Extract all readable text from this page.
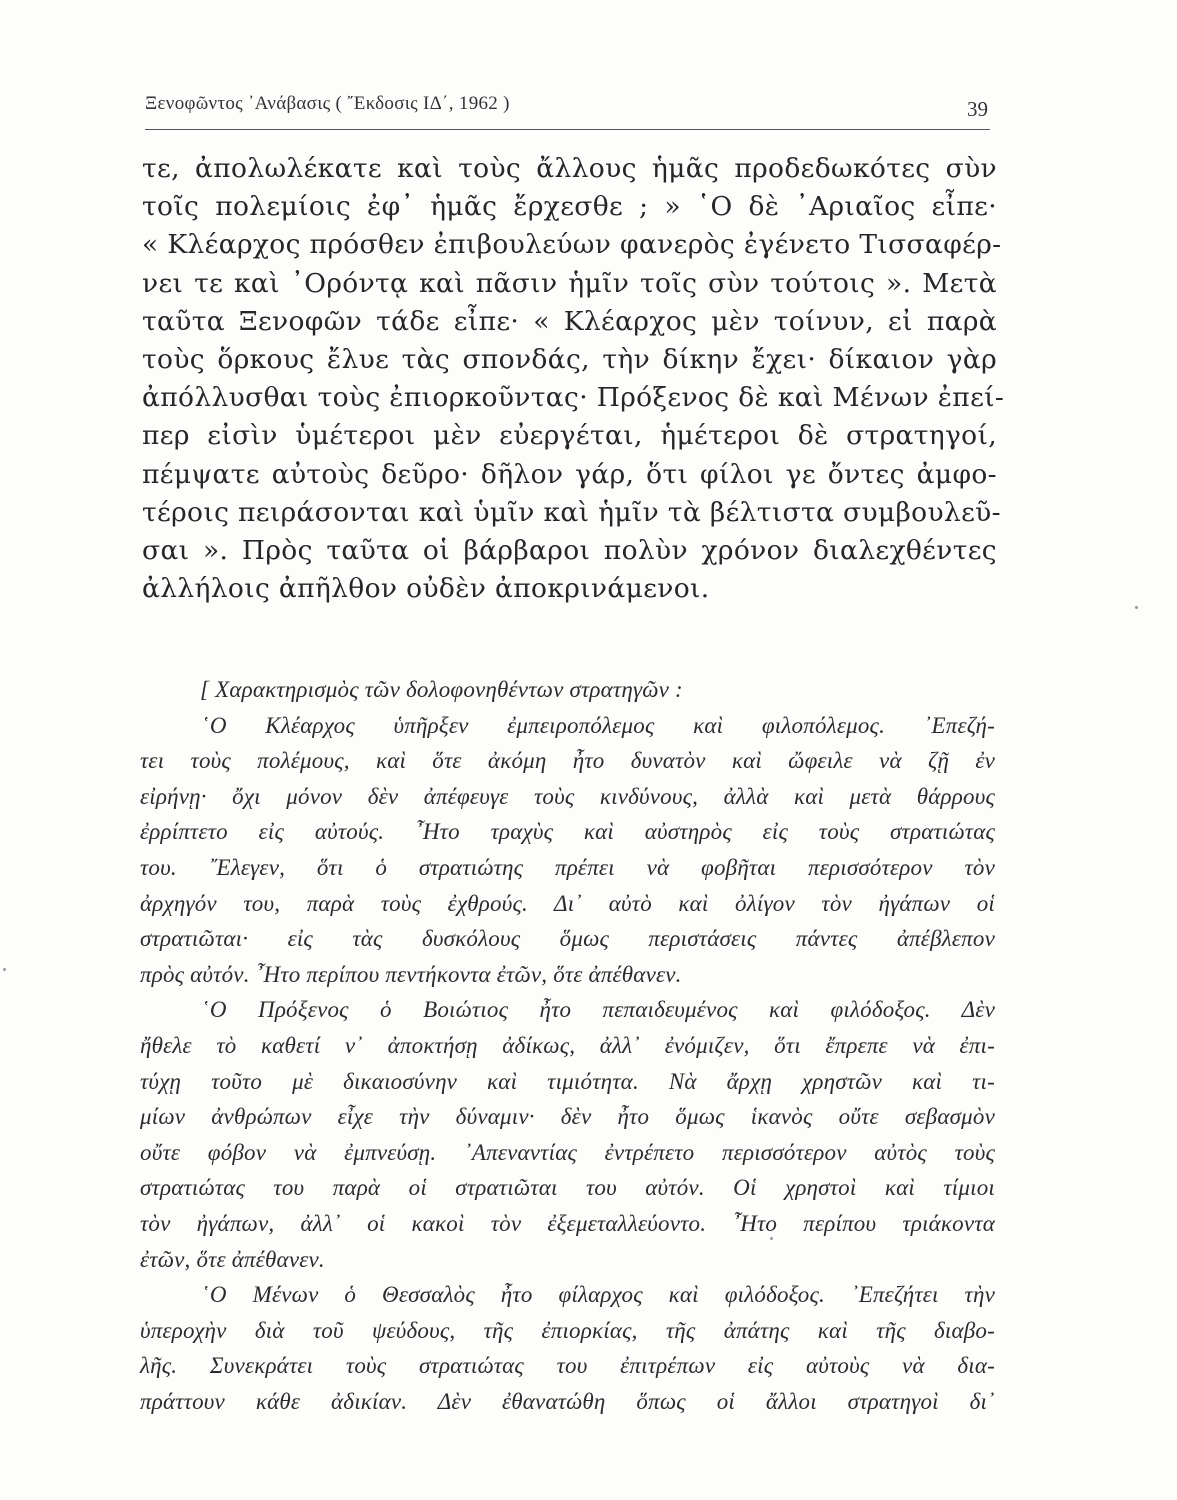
Ξενοφῶντος ᾿Ανάβασις ( ῎Εκδοσις ΙΔ΄, 1962 )	39
τε, ἀπολωλέκατε καὶ τοὺς ἄλλους ἡμᾶς προδεδωκότες σὺν
τοῖς πολεμίοις ἐφ᾿ ἡμᾶς ἔρχεσθε ; » ῾Ο δὲ ᾿Αριαῖος εἶπε·
« Κλέαρχος πρόσθεν ἐπιβουλεύων φανερὸς ἐγένετο Τισσαφέρ-
νει τε καὶ ᾿Ορόντᾳ καὶ πᾶσιν ἡμῖν τοῖς σὺν τούτοις ». Μετὰ
ταῦτα Ξενοφῶν τάδε εἶπε· « Κλέαρχος μὲν τοίνυν, εἰ παρὰ
τοὺς ὅρκους ἔλυε τὰς σπονδάς, τὴν δίκην ἔχει· δίκαιον γὰρ
ἀπόλλυσθαι τοὺς ἐπιορκοῦντας· Πρόξενος δὲ καὶ Μένων ἐπεί-
περ εἰσὶν ὑμέτεροι μὲν εὐεργέται, ἡμέτεροι δὲ στρατηγοί,
πέμψατε αὐτοὺς δεῦρο· δῆλον γάρ, ὅτι φίλοι γε ὄντες ἀμφο-
τέροις πειράσονται καὶ ὑμῖν καὶ ἡμῖν τὰ βέλτιστα συμβουλεῦ-
σαι ». Πρὸς ταῦτα οἱ βάρβαροι πολὺν χρόνον διαλεχθέντες
ἀλλήλοις ἀπῆλθον οὐδὲν ἀποκρινάμενοι.
[ Χαρακτηρισμὸς τῶν δολοφονηθέντων στρατηγῶν :
῾Ο Κλέαρχος ὑπῆρξεν ἐμπειροπόλεμος καὶ φιλοπόλεμος. ᾿Επεζή-
τει τοὺς πολέμους, καὶ ὅτε ἀκόμη ἦτο δυνατὸν καὶ ὤφειλε νὰ ζῇ ἐν
εἰρήνῃ· ὄχι μόνον δὲν ἀπέφευγε τοὺς κινδύνους, ἀλλὰ καὶ μετὰ θάρρους
ἐρρίπτετο εἰς αὐτούς. ῏Ητο τραχὺς καὶ αὐστηρὸς εἰς τοὺς στρατιώτας
του. ῎Ελεγεν, ὅτι ὁ στρατιώτης πρέπει νὰ φοβῆται περισσότερον τὸν
ἀρχηγόν του, παρὰ τοὺς ἐχθρούς. Δι᾿ αὐτὸ καὶ ὀλίγον τὸν ἠγάπων οἱ
στρατιῶται· εἰς τὰς δυσκόλους ὅμως περιστάσεις πάντες ἀπέβλεπον
πρὸς αὐτόν. ῏Ητο περίπου πεντήκοντα ἐτῶν, ὅτε ἀπέθανεν.
῾Ο Πρόξενος ὁ Βοιώτιος ἦτο πεπαιδευμένος καὶ φιλόδοξος. Δὲν
ἤθελε τὸ καθετί ν᾿ ἀποκτήσῃ ἀδίκως, ἀλλ᾿ ἐνόμιζεν, ὅτι ἔπρεπε νὰ ἐπι-
τύχῃ τοῦτο μὲ δικαιοσύνην καὶ τιμιότητα. Νὰ ἄρχῃ χρηστῶν καὶ τι-
μίων ἀνθρώπων εἶχε τὴν δύναμιν· δὲν ἦτο ὅμως ἱκανὸς οὔτε σεβασμὸν
οὔτε φόβον νὰ ἐμπνεύσῃ. ᾿Απεναντίας ἐντρέπετο περισσότερον αὐτὸς τοὺς
στρατιώτας του παρὰ οἱ στρατιῶται του αὐτόν. Οἱ χρηστοὶ καὶ τίμιοι
τὸν ἠγάπων, ἀλλ᾿ οἱ κακοὶ τὸν ἐξεμεταλλεύοντο. ῏Ητο περίπου τριάκοντα
ἐτῶν, ὅτε ἀπέθανεν.
῾Ο Μένων ὁ Θεσσαλὸς ἦτο φίλαρχος καὶ φιλόδοξος. ᾿Επεζήτει τὴν
ὑπεροχὴν διὰ τοῦ ψεύδους, τῆς ἐπιορκίας, τῆς ἀπάτης καὶ τῆς διαβο-
λῆς. Συνεκράτει τοὺς στρατιώτας του ἐπιτρέπων εἰς αὐτοὺς νὰ δια-
πράττουν κάθε ἀδικίαν. Δὲν ἐθανατώθη ὅπως οἱ ἄλλοι στρατηγοὶ δι᾿
